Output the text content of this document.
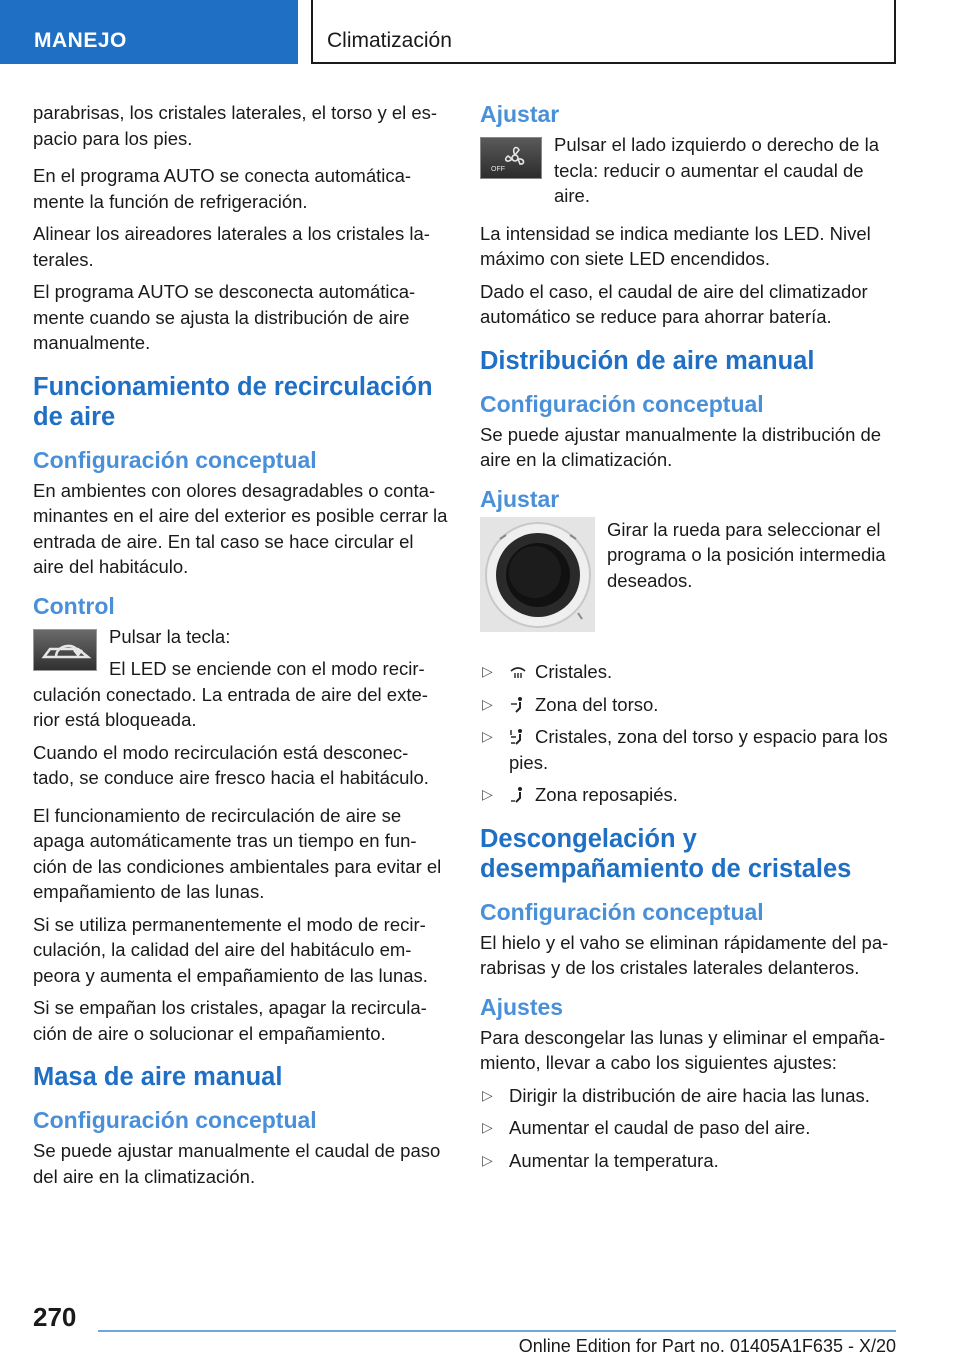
MANEJO	Climatización

parabrisas, los cristales laterales, el torso y el es- pacio para los pies.

En el programa AUTO se conecta automática- mente la función de refrigeración.

Alinear los aireadores laterales a los cristales la- terales.

El programa AUTO se desconecta automática- mente cuando se ajusta la distribución de aire manualmente.

Funcionamiento de recirculación de aire
Configuración conceptual

En ambientes con olores desagradables o conta- minantes en el aire del exterior es posible cerrar la entrada de aire. En tal caso se hace circular el aire del habitáculo.

Control

Pulsar la tecla:

El LED se enciende con el modo recir- culación conectado. La entrada de aire del exte- rior está bloqueada.

Cuando el modo recirculación está desconec- tado, se conduce aire fresco hacia el habitáculo.

El funcionamiento de recirculación de aire se apaga automáticamente tras un tiempo en fun- ción de las condiciones ambientales para evitar el empañamiento de las lunas.

Si se utiliza permanentemente el modo de recir- culación, la calidad del aire del habitáculo em- peora y aumenta el empañamiento de las lunas.

Si se empañan los cristales, apagar la recircula- ción de aire o solucionar el empañamiento.

Masa de aire manual
Configuración conceptual

Se puede ajustar manualmente el caudal de paso del aire en la climatización.

Ajustar
OFF

Pulsar el lado izquierdo o derecho de la tecla: reducir o aumentar el caudal de aire.

La intensidad se indica mediante los LED. Nivel máximo con siete LED encendidos.

Dado el caso, el caudal de aire del climatizador automático se reduce para ahorrar batería.

Distribución de aire manual
Configuración conceptual

Se puede ajustar manualmente la distribución de aire en la climatización.

Ajustar

Girar la rueda para seleccionar el programa o la posición intermedia deseados.

▷ Cristales.
▷ Zona del torso.
▷ Cristales, zona del torso y espacio para los pies.
▷ Zona reposapiés.
Descongelación y desempañamiento de cristales
Configuración conceptual

El hielo y el vaho se eliminan rápidamente del pa- rabrisas y de los cristales laterales delanteros.

Ajustes

Para descongelar las lunas y eliminar el empaña- miento, llevar a cabo los siguientes ajustes:

▷ Dirigir la distribución de aire hacia las lunas.
▷ Aumentar el caudal de paso del aire.
▷ Aumentar la temperatura.
270
Online Edition for Part no. 01405A1F635 - X/20
